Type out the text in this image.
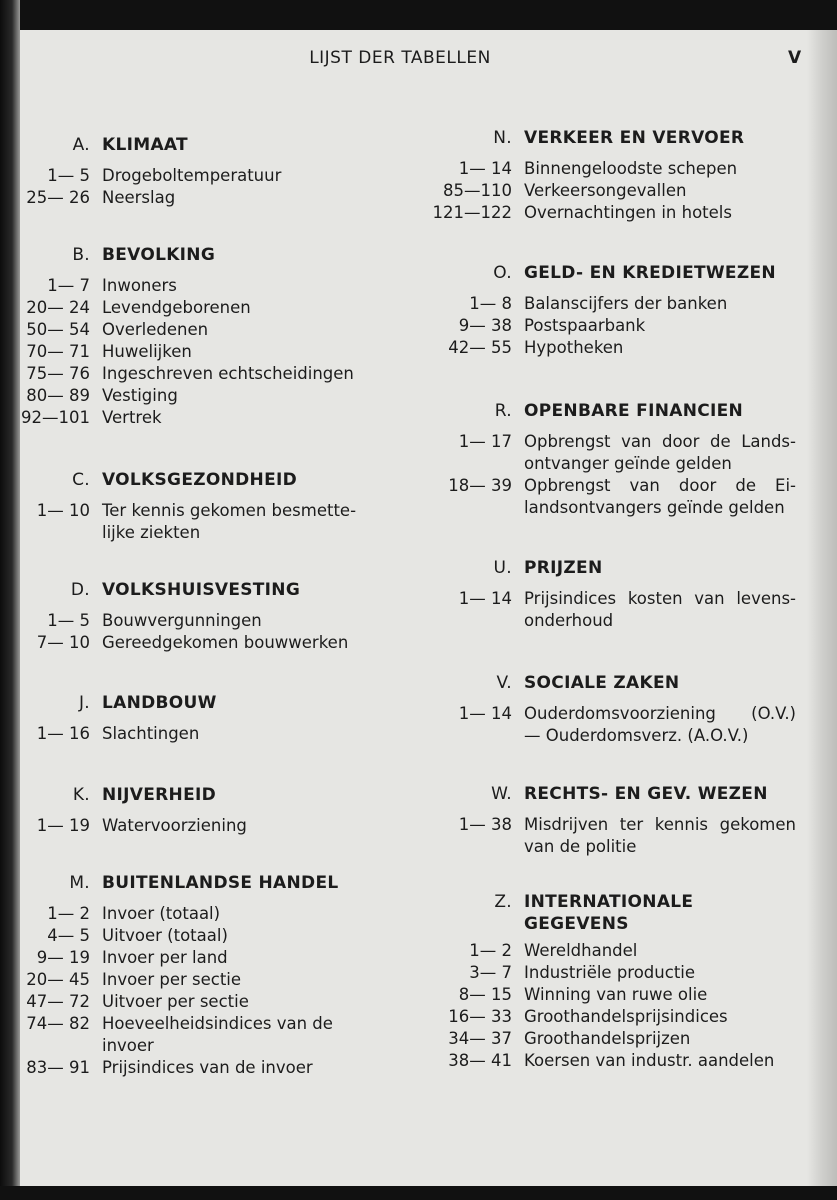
LIJST DER TABELLEN	V
A. KLIMAAT
1— 5 Drogeboltemperatuur
25— 26 Neerslag
B. BEVOLKING
1— 7 Inwoners
20— 24 Levendgeborenen
50— 54 Overledenen
70— 71 Huwelijken
75— 76 Ingeschreven echtscheidingen
80— 89 Vestiging
92—101 Vertrek
C. VOLKSGEZONDHEID
1— 10 Ter kennis gekomen besmette-
lijke ziekten
D. VOLKSHUISVESTING
1— 5 Bouwvergunningen
7— 10 Gereedgekomen bouwwerken
J. LANDBOUW
1— 16 Slachtingen
K. NIJVERHEID
1— 19 Watervoorziening
M. BUITENLANDSE HANDEL
1— 2 Invoer (totaal)
4— 5 Uitvoer (totaal)
9— 19 Invoer per land
20— 45 Invoer per sectie
47— 72 Uitvoer per sectie
74— 82 Hoeveelheidsindices van de
invoer
83— 91 Prijsindices van de invoer
N. VERKEER EN VERVOER
1— 14 Binnengeloodste schepen
85—110 Verkeersongevallen
121—122 Overnachtingen in hotels
O. GELD- EN KREDIETWEZEN
1— 8 Balanscijfers der banken
9— 38 Postspaarbank
42— 55 Hypotheken
R. OPENBARE FINANCIEN
1— 17 Opbrengst van door de Lands-
ontvanger geïnde gelden
18— 39 Opbrengst van door de Ei-
landsontvangers geïnde gelden
U. PRIJZEN
1— 14 Prijsindices kosten van levens-
onderhoud
V. SOCIALE ZAKEN
1— 14 Ouderdomsvoorziening (O.V.)
— Ouderdomsverz. (A.O.V.)
W. RECHTS- EN GEV. WEZEN
1— 38 Misdrijven ter kennis gekomen
van de politie
Z. INTERNATIONALE
GEGEVENS
1— 2 Wereldhandel
3— 7 Industriële productie
8— 15 Winning van ruwe olie
16— 33 Groothandelsprijsindices
34— 37 Groothandelsprijzen
38— 41 Koersen van industr. aandelen
